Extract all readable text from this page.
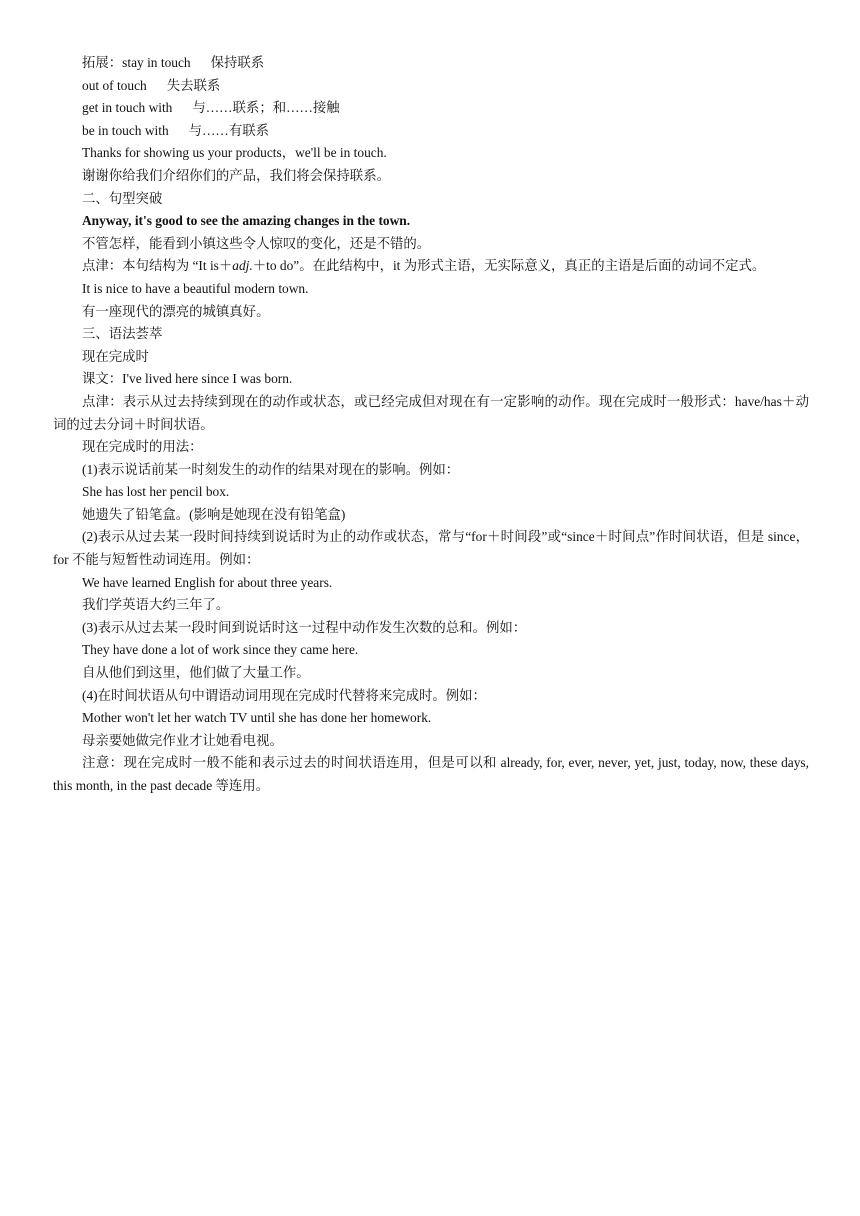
拓展：stay in touch 保持联系
out of touch 失去联系
get in touch with 与……联系；和……接触
be in touch with 与……有联系
Thanks for showing us your products，we'll be in touch.
谢谢你给我们介绍你们的产品，我们将会保持联系。
二、句型突破
Anyway, it's good to see the amazing changes in the town.
不管怎样，能看到小镇这些令人惊叹的变化，还是不错的。
点津：本句结构为 “It is＋adj.＋to do”。在此结构中，it 为形式主语，无实际意义，真正的主语是后面的动词不定式。
It is nice to have a beautiful modern town.
有一座现代的漂亮的城镇真好。
三、语法荟萃
现在完成时
课文：I've lived here since I was born.
点津：表示从过去持续到现在的动作或状态，或已经完成但对现在有一定影响的动作。现在完成时一般形式：have/has＋动词的过去分词＋时间状语。
现在完成时的用法：
(1)表示说话前某一时刻发生的动作的结果对现在的影响。例如：
She has lost her pencil box.
她遗失了铅笔盒。(影响是她现在没有铅笔盒)
(2)表示从过去某一段时间持续到说话时为止的动作或状态，常与“for＋时间段”或“since＋时间点”作时间状语，但是 since，for 不能与短暂性动词连用。例如：
We have learned English for about three years.
我们学英语大约三年了。
(3)表示从过去某一段时间到说话时这一过程中动作发生次数的总和。例如：
They have done a lot of work since they came here.
自从他们到这里，他们做了大量工作。
(4)在时间状语从句中谓语动词用现在完成时代替将来完成时。例如：
Mother won't let her watch TV until she has done her homework.
母亲要她做完作业才让她看电视。
注意：现在完成时一般不能和表示过去的时间状语连用，但是可以和 already, for, ever, never, yet, just, today, now, these days, this month, in the past decade 等连用。
